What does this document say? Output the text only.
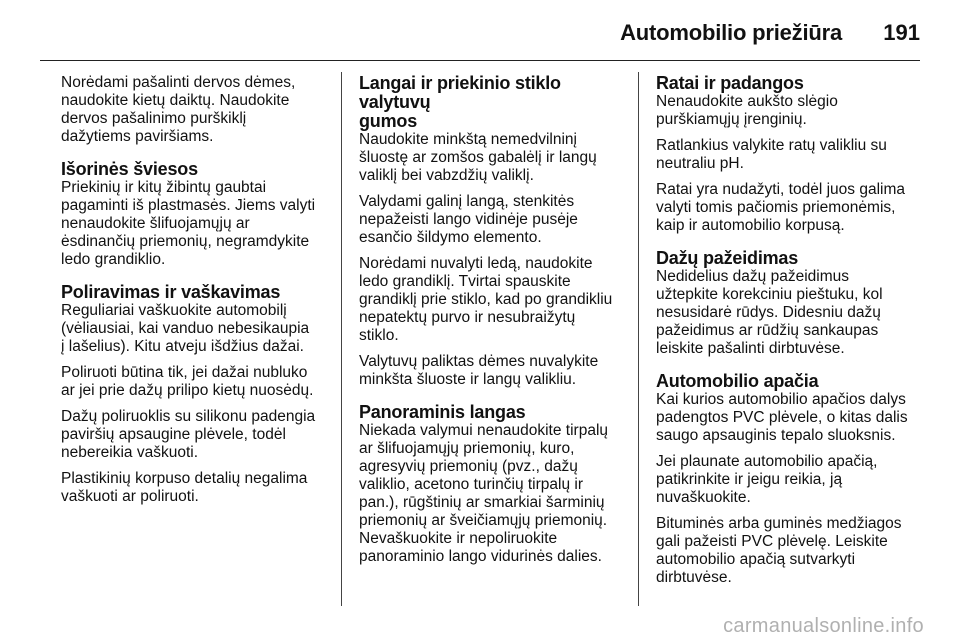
Automobilio priežiūra 191
Norėdami pašalinti dervos dėmes,
naudokite kietų daiktų. Naudokite
dervos pašalinimo purškiklį
dažytiems paviršiams.
Išorinės šviesos
Priekinių ir kitų žibintų gaubtai
pagaminti iš plastmasės. Jiems valyti
nenaudokite šlifuojamųjų ar
ėsdinančių priemonių, negramdykite
ledo grandiklio.
Poliravimas ir vaškavimas
Reguliariai vaškuokite automobilį
(vėliausiai, kai vanduo nebesikaupia
į lašelius). Kitu atveju išdžius dažai.
Poliruoti būtina tik, jei dažai nubluko
ar jei prie dažų prilipo kietų nuosėdų.
Dažų poliruoklis su silikonu padengia
paviršių apsaugine plėvele, todėl
nebereikia vaškuoti.
Plastikinių korpuso detalių negalima
vaškuoti ar poliruoti.
Langai ir priekinio stiklo valytuvų
gumos
Naudokite minkštą nemedvilninį
šluostę ar zomšos gabalėlį ir langų
valiklį bei vabzdžių valiklį.
Valydami galinį langą, stenkitės
nepažeisti lango vidinėje pusėje
esančio šildymo elemento.
Norėdami nuvalyti ledą, naudokite
ledo grandiklį. Tvirtai spauskite
grandiklį prie stiklo, kad po grandikliu
nepatektų purvo ir nesubraižytų
stiklo.
Valytuvų paliktas dėmes nuvalykite
minkšta šluoste ir langų valikliu.
Panoraminis langas
Niekada valymui nenaudokite tirpalų
ar šlifuojamųjų priemonių, kuro,
agresyvių priemonių (pvz., dažų
valiklio, acetono turinčių tirpalų ir
pan.), rūgštinių ar smarkiai šarminių
priemonių ar šveičiamųjų priemonių.
Nevaškuokite ir nepoliruokite
panoraminio lango vidurinės dalies.
Ratai ir padangos
Nenaudokite aukšto slėgio
purškiamųjų įrenginių.
Ratlankius valykite ratų valikliu su
neutraliu pH.
Ratai yra nudažyti, todėl juos galima
valyti tomis pačiomis priemonėmis,
kaip ir automobilio korpusą.
Dažų pažeidimas
Nedidelius dažų pažeidimus
užtepkite korekciniu pieštuku, kol
nesusidarė rūdys. Didesniu dažų
pažeidimus ar rūdžių sankaupas
leiskite pašalinti dirbtuvėse.
Automobilio apačia
Kai kurios automobilio apačios dalys
padengtos PVC plėvele, o kitas dalis
saugo apsauginis tepalo sluoksnis.
Jei plaunate automobilio apačią,
patikrinkite ir jeigu reikia, ją
nuvaškuokite.
Bituminės arba guminės medžiagos
gali pažeisti PVC plėvelę. Leiskite
automobilio apačią sutvarkyti
dirbtuvėse.
carmanualsonline.info
